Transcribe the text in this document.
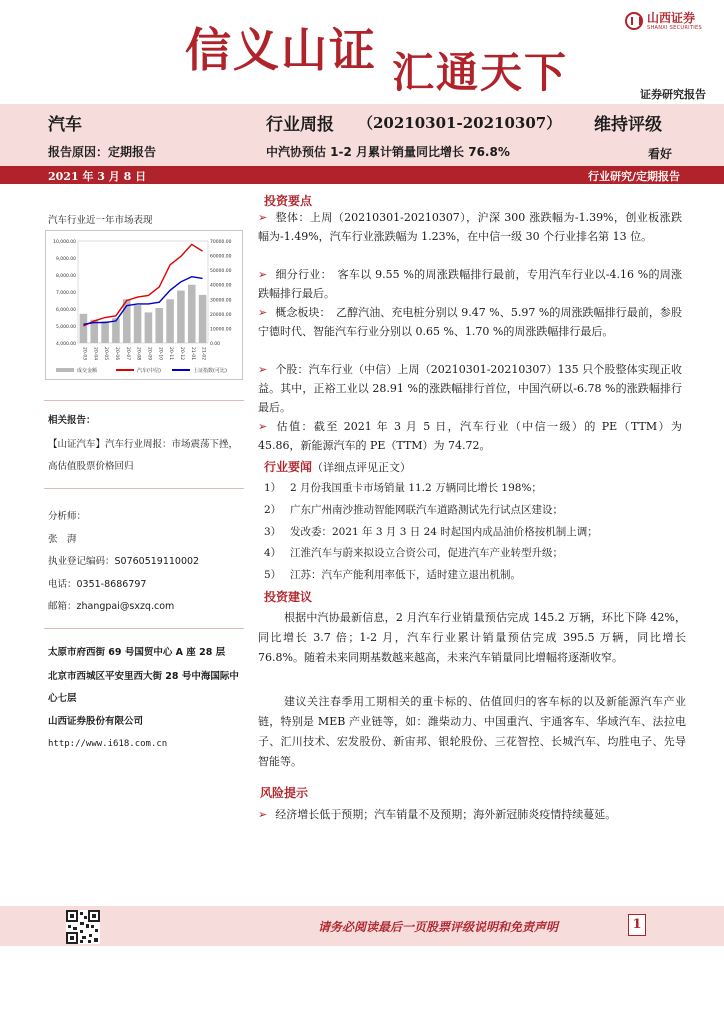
信义山证 汇通天下
山西证券
SHANXI SECURITIES
证券研究报告
汽车	行业周报 （20210301-20210307） 维持评级
报告原因：定期报告	中汽协预估 1-2 月累计销量同比增长 76.8%	看好
2021 年 3 月 8 日	行业研究/定期报告
汽车行业近一年市场表现
10,000.00
9,000.00
8,000.00
7,000.00
6,000.00
5,000.00
4,000.00
70000.00
60000.00
50000.00
40000.00
30000.00
20000.00
10000.00
0.00
20-03 20-04 20-05 20-06 20-07 20-08 20-09 20-10 20-11 20-12 21-01 21-02
成交金额	汽车(中信)	上证指数(可比)
相关报告：
【山证汽车】汽车行业周报：市场震荡下挫，高估值股票价格回归
分析师：
张　湃
执业登记编码：S0760519110002
电话：0351-8686797
邮箱：zhangpai@sxzq.com
太原市府西街 69 号国贸中心 A 座 28 层
北京市西城区平安里西大街 28 号中海国际中心七层
山西证券股份有限公司
http://www.i618.com.cn
投资要点
➢ 整体：上周（20210301-20210307），沪深 300 涨跌幅为-1.39%，创业板涨跌幅为-1.49%，汽车行业涨跌幅为 1.23%，在中信一级 30 个行业排名第 13 位。
➢ 细分行业：　客车以 9.55 %的周涨跌幅排行最前，专用汽车行业以-4.16 %的周涨跌幅排行最后。
➢ 概念板块：　乙醇汽油、充电桩分别以 9.47 %、5.97 %的周涨跌幅排行最前，参股宁德时代、智能汽车行业分别以 0.65 %、1.70 %的周涨跌幅排行最后。
➢ 个股：汽车行业（中信）上周（20210301-20210307）135 只个股整体实现正收益。其中，正裕工业以 28.91 %的涨跌幅排行首位，中国汽研以-6.78 %的涨跌幅排行最后。
➢ 估值：截至 2021 年 3 月 5 日，汽车行业（中信一级）的 PE（TTM）为 45.86，新能源汽车的 PE（TTM）为 74.72。
行业要闻（详细点评见正文）
1） 2 月份我国重卡市场销量 11.2 万辆同比增长 198%；
2） 广东广州南沙推动智能网联汽车道路测试先行试点区建设；
3） 发改委：2021 年 3 月 3 日 24 时起国内成品油价格按机制上调；
4） 江淮汽车与蔚来拟设立合资公司，促进汽车产业转型升级；
5） 江苏：汽车产能利用率低下，适时建立退出机制。
投资建议
根据中汽协最新信息，2 月汽车行业销量预估完成 145.2 万辆，环比下降 42%，同比增长 3.7 倍；1-2 月，汽车行业累计销量预估完成 395.5 万辆，同比增长 76.8%。随着未来同期基数越来越高，未来汽车销量同比增幅将逐渐收窄。
建议关注春季用工期相关的重卡标的、估值回归的客车标的以及新能源汽车产业链，特别是 MEB 产业链等，如：潍柴动力、中国重汽、宇通客车、华域汽车、法拉电子、汇川技术、宏发股份、新宙邦、银轮股份、三花智控、长城汽车、均胜电子、先导智能等。
风险提示
➢ 经济增长低于预期；汽车销量不及预期；海外新冠肺炎疫情持续蔓延。
请务必阅读最后一页股票评级说明和免责声明	1
